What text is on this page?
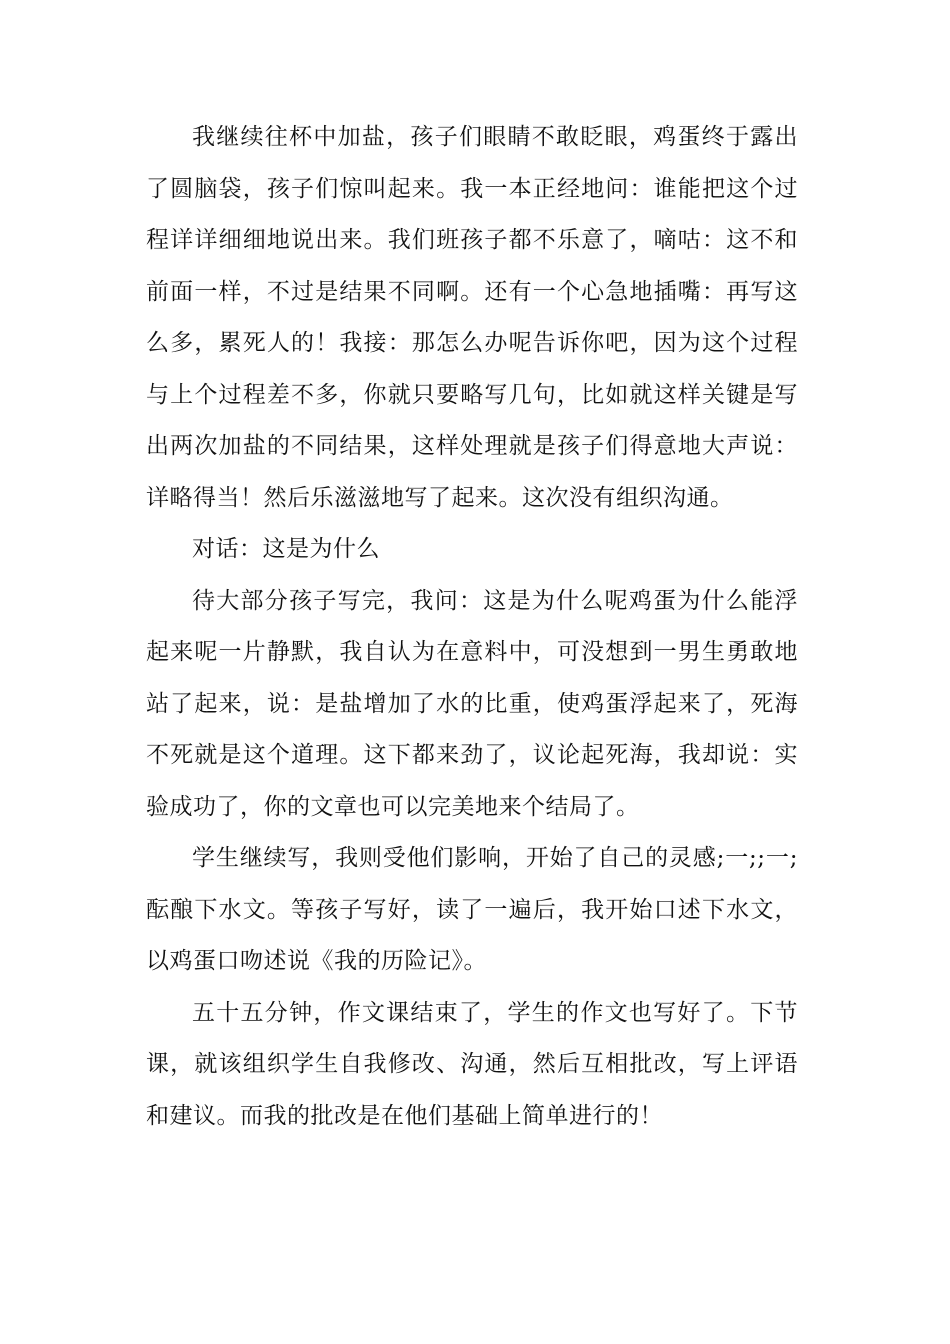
我继续往杯中加盐，孩子们眼睛不敢眨眼，鸡蛋终于露出了圆脑袋，孩子们惊叫起来。我一本正经地问：谁能把这个过程详详细细地说出来。我们班孩子都不乐意了，嘀咕：这不和前面一样，不过是结果不同啊。还有一个心急地插嘴：再写这么多，累死人的！我接：那怎么办呢告诉你吧，因为这个过程与上个过程差不多，你就只要略写几句，比如就这样关键是写出两次加盐的不同结果，这样处理就是孩子们得意地大声说：详略得当！然后乐滋滋地写了起来。这次没有组织沟通。

对话：这是为什么

待大部分孩子写完，我问：这是为什么呢鸡蛋为什么能浮起来呢一片静默，我自认为在意料中，可没想到一男生勇敢地站了起来，说：是盐增加了水的比重，使鸡蛋浮起来了，死海不死就是这个道理。这下都来劲了，议论起死海，我却说：实验成功了，你的文章也可以完美地来个结局了。

学生继续写，我则受他们影响，开始了自己的灵感;一;;一;酝酿下水文。等孩子写好，读了一遍后，我开始口述下水文，以鸡蛋口吻述说《我的历险记》。

五十五分钟，作文课结束了，学生的作文也写好了。下节课，就该组织学生自我修改、沟通，然后互相批改，写上评语和建议。而我的批改是在他们基础上简单进行的！
